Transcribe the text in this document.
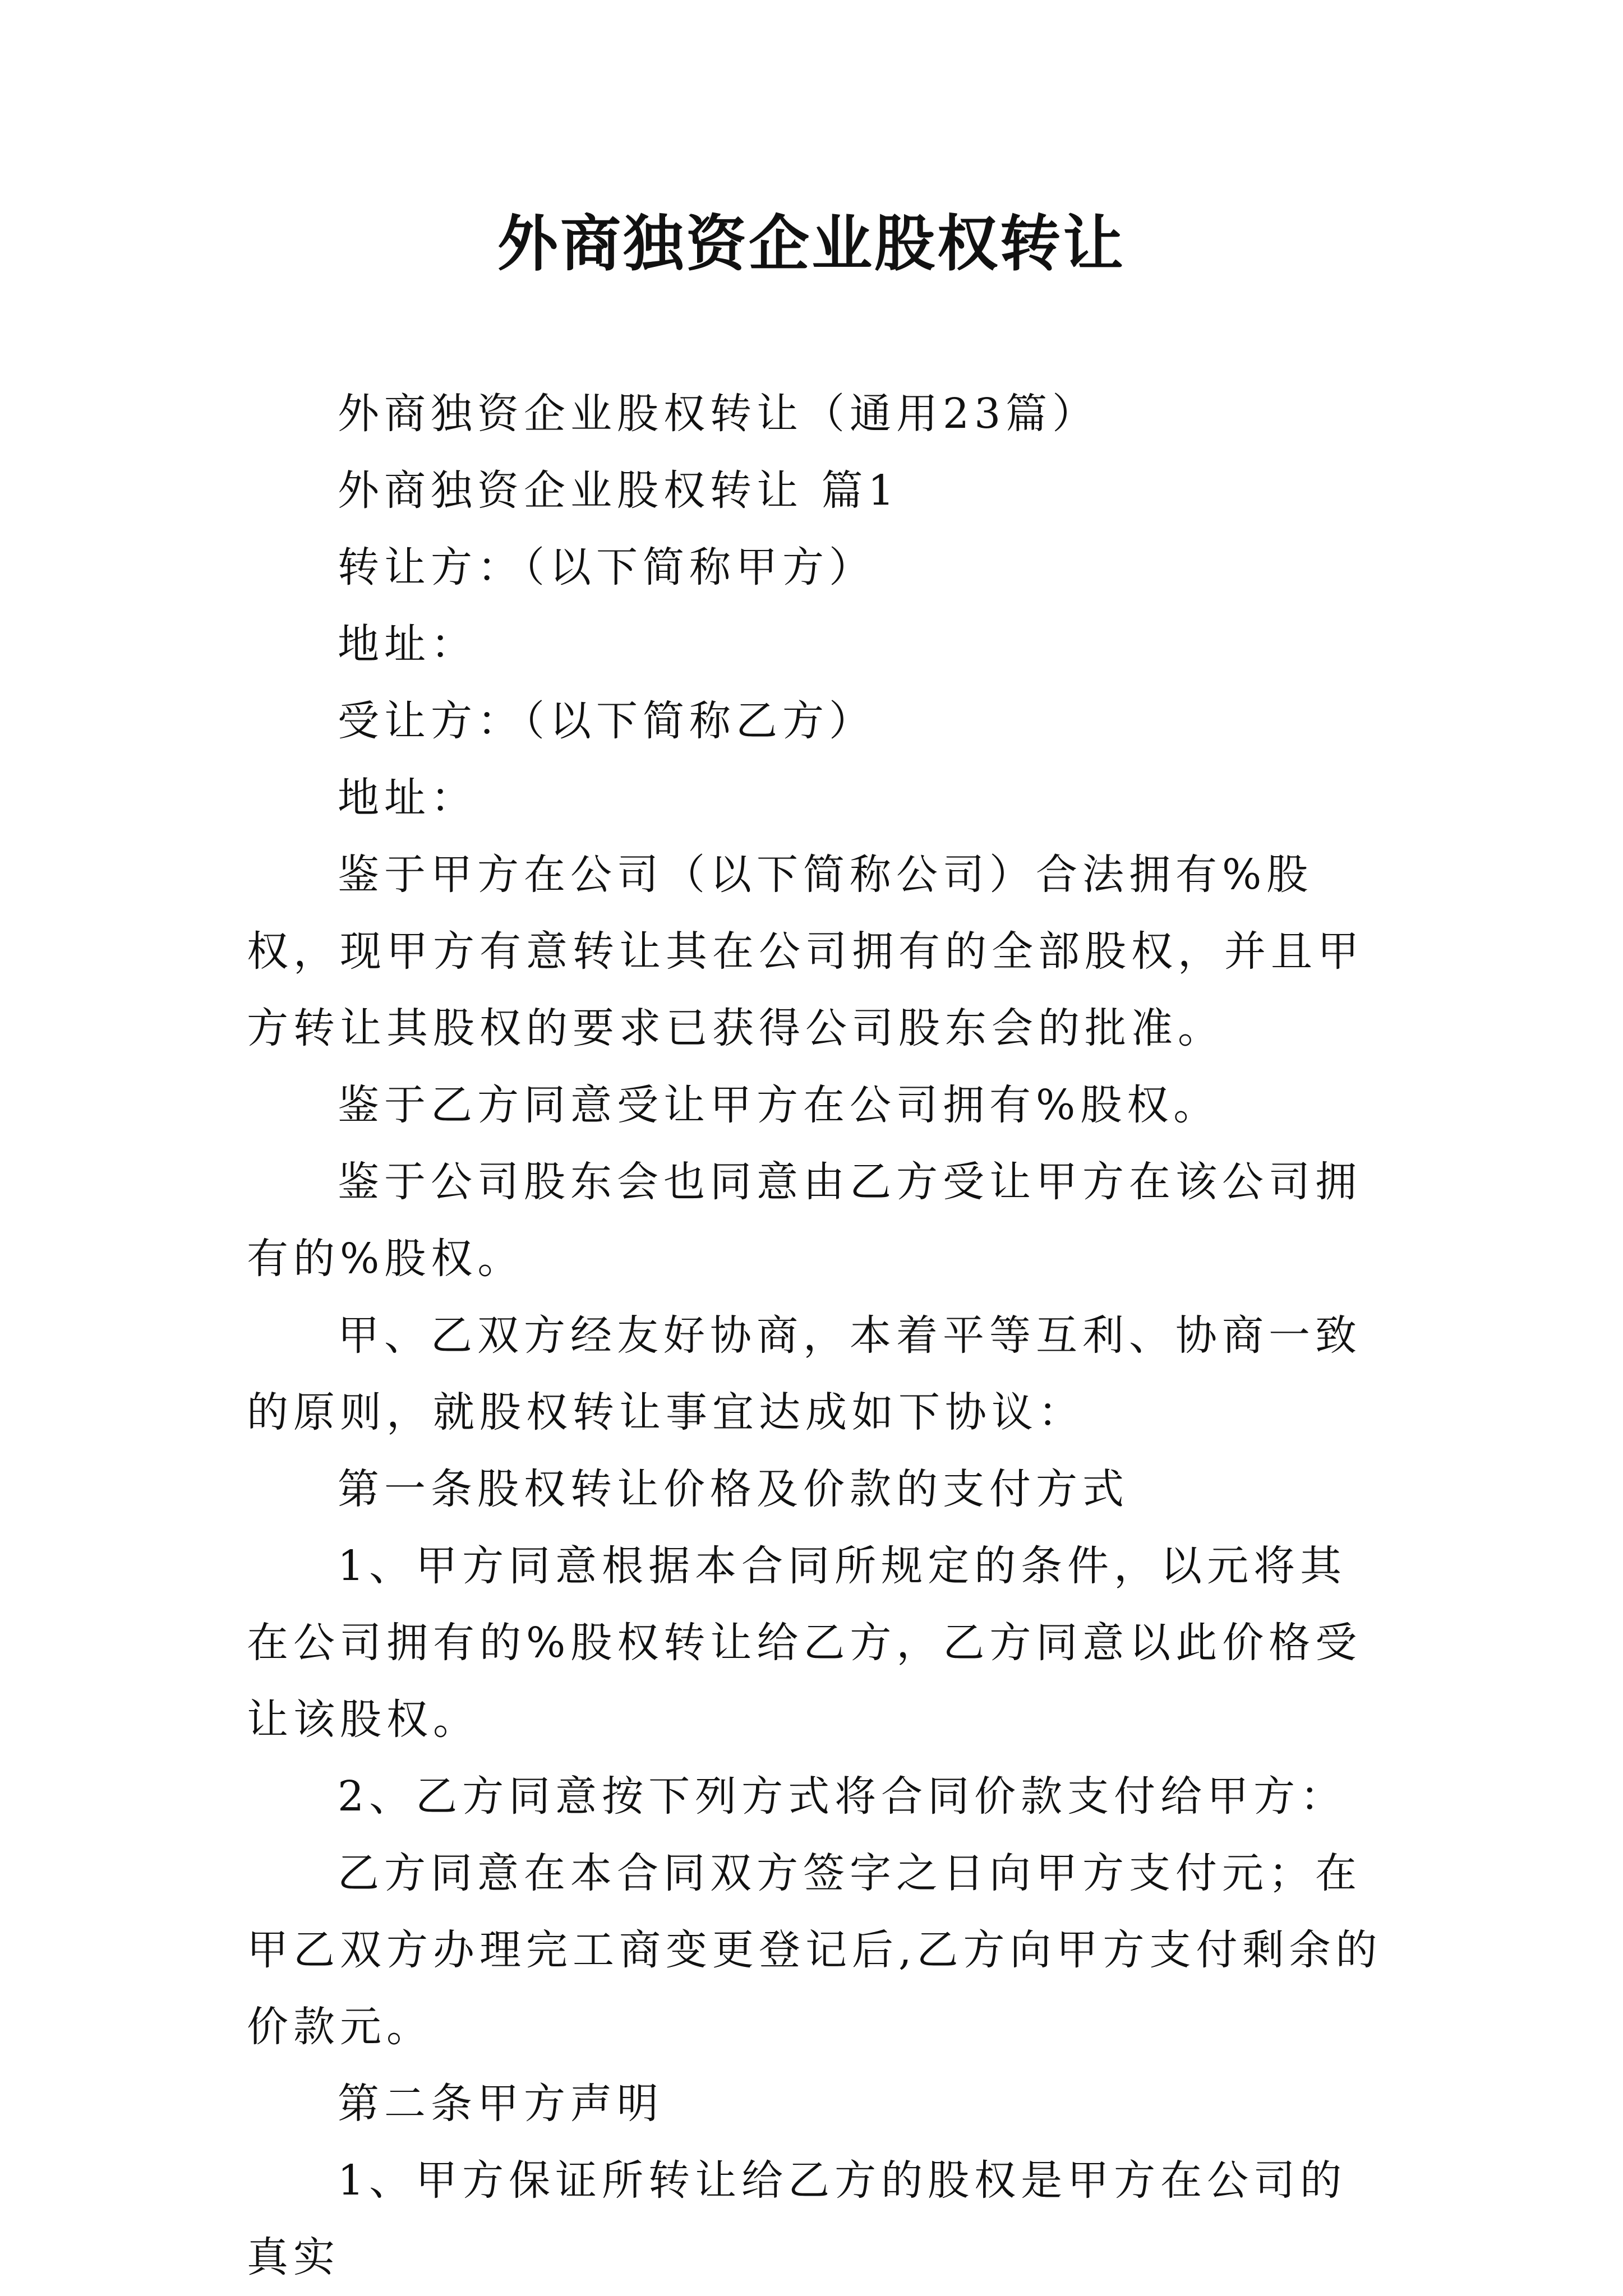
外商独资企业股权转让

外商独资企业股权转让（通用23篇）

外商独资企业股权转让 篇1

转让方：（以下简称甲方）

地址：

受让方：（以下简称乙方）

地址：

鉴于甲方在公司（以下简称公司）合法拥有%股权，现甲方有意转让其在公司拥有的全部股权，并且甲方转让其股权的要求已获得公司股东会的批准。

鉴于乙方同意受让甲方在公司拥有%股权。

鉴于公司股东会也同意由乙方受让甲方在该公司拥有的%股权。

甲、乙双方经友好协商，本着平等互利、协商一致的原则，就股权转让事宜达成如下协议：

第一条股权转让价格及价款的支付方式

1、甲方同意根据本合同所规定的条件，以元将其在公司拥有的%股权转让给乙方，乙方同意以此价格受让该股权。

2、乙方同意按下列方式将合同价款支付给甲方：

乙方同意在本合同双方签字之日向甲方支付元；在甲乙双方办理完工商变更登记后,乙方向甲方支付剩余的价款元。

第二条甲方声明

1、甲方保证所转让给乙方的股权是甲方在公司的真实
